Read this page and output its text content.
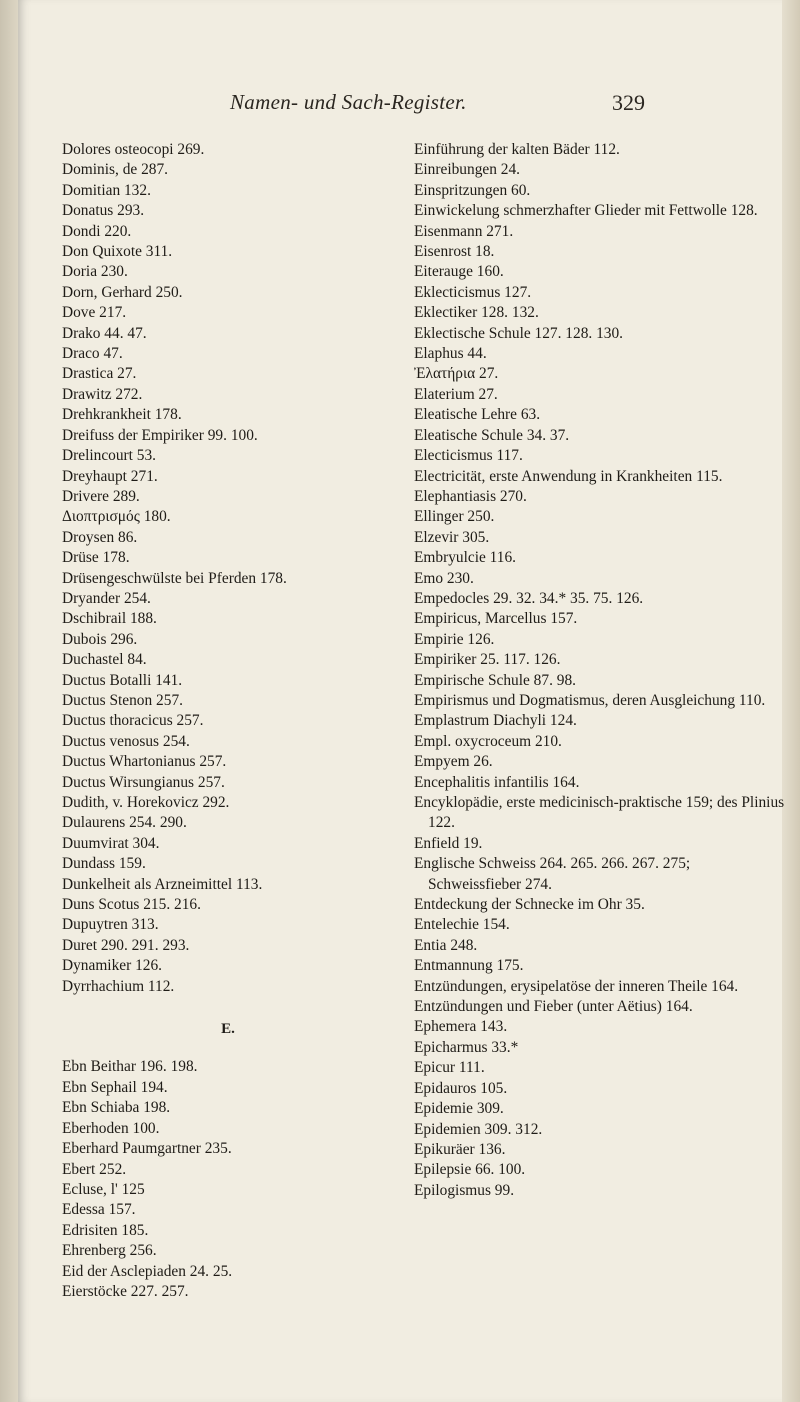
Namen- und Sach-Register.	329
Dolores osteocopi 269.
Dominis, de 287.
Domitian 132.
Donatus 293.
Dondi 220.
Don Quixote 311.
Doria 230.
Dorn, Gerhard 250.
Dove 217.
Drako 44. 47.
Draco 47.
Drastica 27.
Drawitz 272.
Drehkrankheit 178.
Dreifuss der Empiriker 99. 100.
Drelincourt 53.
Dreyhaupt 271.
Drivere 289.
Διοπτρισμός 180.
Droysen 86.
Drüse 178.
Drüsengeschwülste bei Pferden 178.
Dryander 254.
Dschibrail 188.
Dubois 296.
Duchastel 84.
Ductus Botalli 141.
Ductus Stenon 257.
Ductus thoracicus 257.
Ductus venosus 254.
Ductus Whartonianus 257.
Ductus Wirsungianus 257.
Dudith, v. Horekovicz 292.
Dulaurens 254. 290.
Duumvirat 304.
Dundass 159.
Dunkelheit als Arzneimittel 113.
Duns Scotus 215. 216.
Dupuytren 313.
Duret 290. 291. 293.
Dynamiker 126.
Dyrrhachium 112.
E.
Ebn Beithar 196. 198.
Ebn Sephail 194.
Ebn Schiaba 198.
Eberhoden 100.
Eberhard Paumgartner 235.
Ebert 252.
Ecluse, l' 125
Edessa 157.
Edrisiten 185.
Ehrenberg 256.
Eid der Asclepiaden 24. 25.
Eierstöcke 227. 257.
Einführung der kalten Bäder 112.
Einreibungen 24.
Einspritzungen 60.
Einwickelung schmerzhafter Glieder mit Fettwolle 128.
Eisenmann 271.
Eisenrost 18.
Eiterauge 160.
Eklecticismus 127.
Eklectiker 128. 132.
Eklectische Schule 127. 128. 130.
Elaphus 44.
Ἐλατήρια 27.
Elaterium 27.
Eleatische Lehre 63.
Eleatische Schule 34. 37.
Electicismus 117.
Electricität, erste Anwendung in Krankheiten 115.
Elephantiasis 270.
Ellinger 250.
Elzevir 305.
Embryulcie 116.
Emo 230.
Empedocles 29. 32. 34.* 35. 75. 126.
Empiricus, Marcellus 157.
Empirie 126.
Empiriker 25. 117. 126.
Empirische Schule 87. 98.
Empirismus und Dogmatismus, deren Ausgleichung 110.
Emplastrum Diachyli 124.
Empl. oxycroceum 210.
Empyem 26.
Encephalitis infantilis 164.
Encyklopädie, erste medicinisch-praktische 159; des Plinius 122.
Enfield 19.
Englische Schweiss 264. 265. 266. 267. 275; Schweissfieber 274.
Entdeckung der Schnecke im Ohr 35.
Entelechie 154.
Entia 248.
Entmannung 175.
Entzündungen, erysipelatöse der inneren Theile 164.
Entzündungen und Fieber (unter Aëtius) 164.
Ephemera 143.
Epicharmus 33.*
Epicur 111.
Epidauros 105.
Epidemie 309.
Epidemien 309. 312.
Epikuräer 136.
Epilepsie 66. 100.
Epilogismus 99.
